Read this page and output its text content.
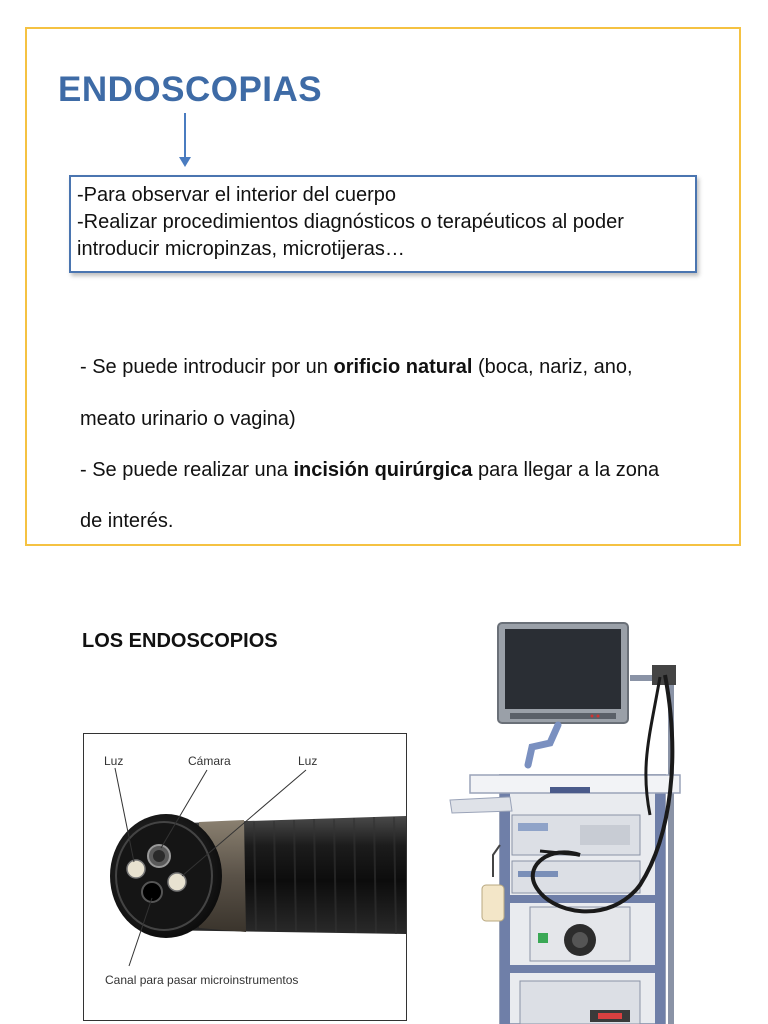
ENDOSCOPIAS

-Para observar el interior del cuerpo

-Realizar procedimientos diagnósticos o terapéuticos al poder

introducir micropinzas, microtijeras…

- Se puede introducir por un orificio natural (boca, nariz, ano,

meato urinario o vagina)

- Se puede realizar una incisión quirúrgica para llegar a la zona

de interés.

LOS ENDOSCOPIOS
Luz	Cámara	Luz
Canal para pasar microinstrumentos
